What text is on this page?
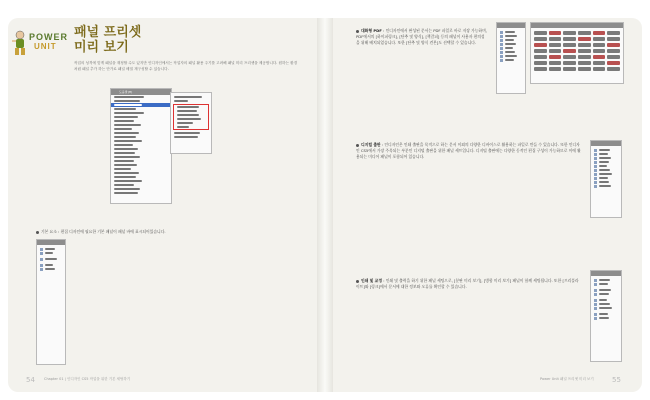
POWER
UNIT
패널 프리셋
미리 보기
작업의 성격에 맞게 패널을 재정할 수도 있지만 인디자인에서는 작업자의 패널 활용 주기를 고려해 패널 미리 프리셋을 제공합니다. 원하는 환경처럼 패널 추가 하는 단가로 패널 배열 재구성할 수 있습니다.
도움말(H)
기본 요소 : 편집 디자인에 필요한 기본 패널이 패널 바에 표시되어있습니다.
대화형 PDF : 인디자인에서 완성된 문서는 PDF 파일로 바로 저장 가능하며, PDF에서의 [하이퍼링크], [단추 및 양식], [책갈피] 등의 패널이 사용자 편의성을 위해 배치되었습니다. 또한 [단추 및 양식 견본]도 선택할 수 있습니다.
디지털 출판 : 인디자인은 인쇄 출판을 목적으로 하는 문서 이외의 다양한 디바이스로 활용하는 파일로 만들 수 있습니다. 또한 인디자인 CS5에서 가장 주목되는 부분인 디지털 출판을 위한 패널 세트입니다. 디지털 출판에는 다양한 동적인 편집 구성이 가능하므로 이에 활용되는 미디어 패널이 포함되어 있습니다.
인쇄 및 교정 : 인쇄 및 출력을 하기 위한 패널 세팅으로, [분판 미리 보기], [병합 미리 보기] 패널이 함께 세팅됩니다. 또한 [프리플라이트]와 [링크]에서 문서에 대한 정보와 오류를 확인할 수 있습니다.
54	Chapter 01 | 인디자인 CS5 작업을 위한 기본 세팅하기	Power Unit 패널 프리셋 미리 보기	55
